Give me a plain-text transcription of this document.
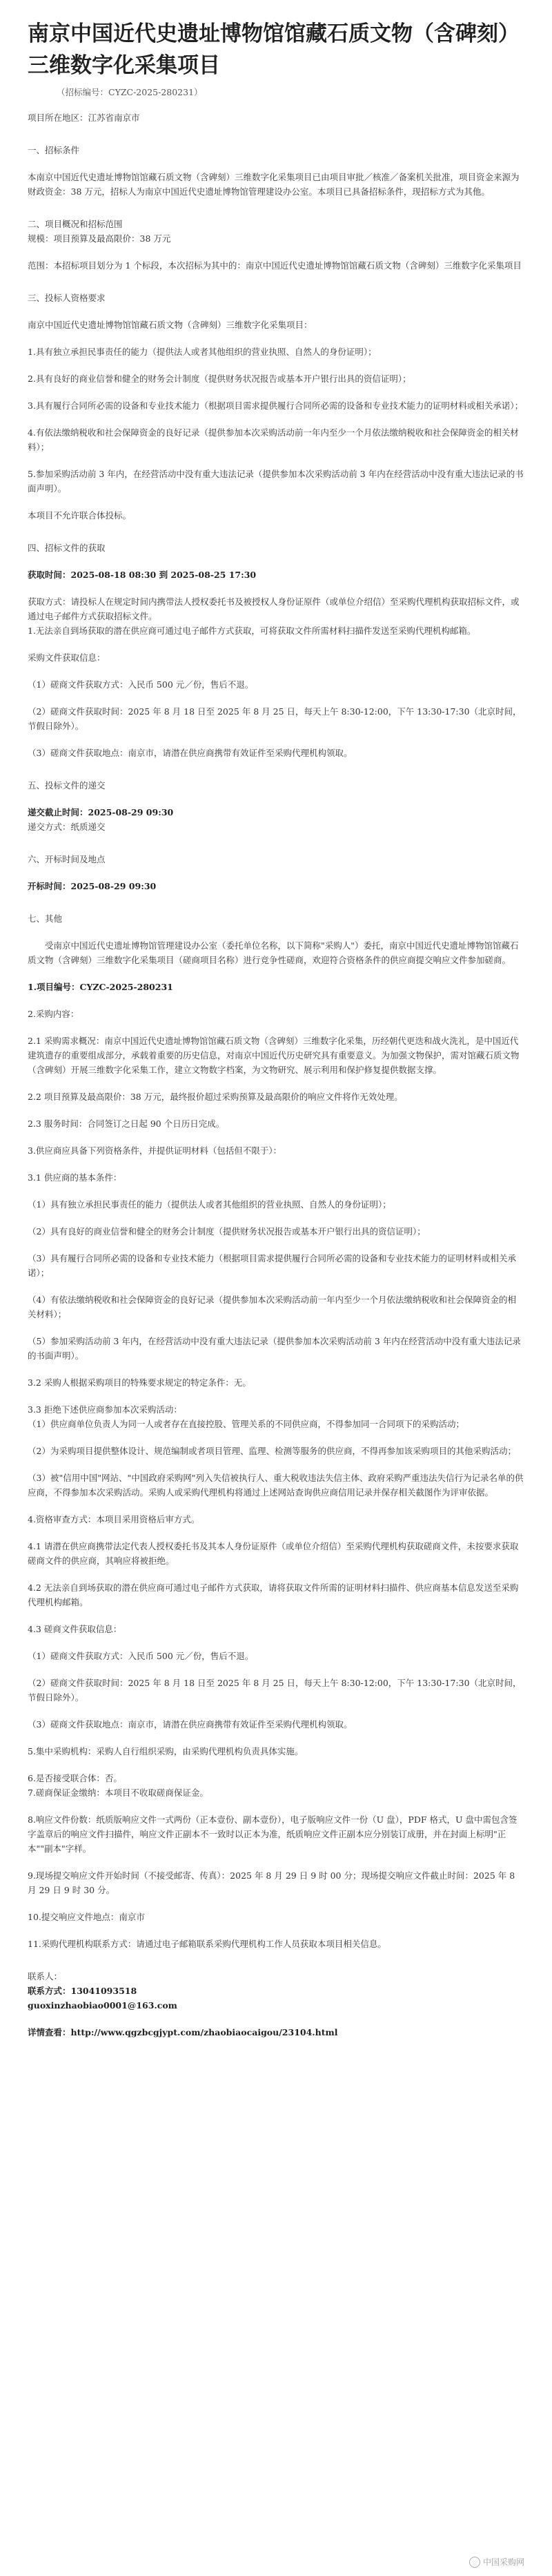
南京中国近代史遗址博物馆馆藏石质文物（含碑刻）三维数字化采集项目
（招标编号：CYZC-2025-280231）

项目所在地区：江苏省南京市

一、招标条件

本南京中国近代史遗址博物馆馆藏石质文物（含碑刻）三维数字化采集项目已由项目审批／核准／备案机关批准，项目资金来源为财政资金：38 万元，招标人为南京中国近代史遗址博物馆管理建设办公室。本项目已具备招标条件，现招标方式为其他。

二、项目概况和招标范围

规模：项目预算及最高限价：38 万元

范围：本招标项目划分为 1 个标段，本次招标为其中的：南京中国近代史遗址博物馆馆藏石质文物（含碑刻）三维数字化采集项目

三、投标人资格要求

南京中国近代史遗址博物馆馆藏石质文物（含碑刻）三维数字化采集项目：

1.具有独立承担民事责任的能力（提供法人或者其他组织的营业执照、自然人的身份证明）；

2.具有良好的商业信誉和健全的财务会计制度（提供财务状况报告或基本开户银行出具的资信证明）；

3.具有履行合同所必需的设备和专业技术能力（根据项目需求提供履行合同所必需的设备和专业技术能力的证明材料或相关承诺）；

4.有依法缴纳税收和社会保障资金的良好记录（提供参加本次采购活动前一年内至少一个月依法缴纳税收和社会保障资金的相关材料）；

5.参加采购活动前 3 年内，在经营活动中没有重大违法记录（提供参加本次采购活动前 3 年内在经营活动中没有重大违法记录的书面声明）。

本项目不允许联合体投标。

四、招标文件的获取

获取时间：2025-08-18 08:30 到 2025-08-25 17:30

获取方式：请投标人在规定时间内携带法人授权委托书及被授权人身份证原件（或单位介绍信）至采购代理机构获取招标文件，或通过电子邮件方式获取招标文件。

1.无法亲自到场获取的潜在供应商可通过电子邮件方式获取，可将获取文件所需材料扫描件发送至采购代理机构邮箱。

采购文件获取信息：

（1）磋商文件获取方式：入民币 500 元／份，售后不退。

（2）磋商文件获取时间：2025 年 8 月 18 日至 2025 年 8 月 25 日，每天上午 8:30-12:00，下午 13:30-17:30（北京时间，节假日除外）。

（3）磋商文件获取地点：南京市，请潜在供应商携带有效证件至采购代理机构领取。

五、投标文件的递交

递交截止时间：2025-08-29 09:30

递交方式：纸质递交

六、开标时间及地点

开标时间：2025-08-29 09:30

七、其他

　　受南京中国近代史遗址博物馆管理建设办公室（委托单位名称，以下简称"采购人"）委托，南京中国近代史遗址博物馆馆藏石质文物（含碑刻）三维数字化采集项目（磋商项目名称）进行竞争性磋商，欢迎符合资格条件的供应商提交响应文件参加磋商。

1.项目编号：CYZC-2025-280231

2.采购内容：

2.1 采购需求概况：南京中国近代史遗址博物馆馆藏石质文物（含碑刻）三维数字化采集，历经朝代更迭和战火洗礼，是中国近代建筑遗存的重要组成部分，承载着重要的历史信息，对南京中国近代历史研究具有重要意义。为加强文物保护，需对馆藏石质文物（含碑刻）开展三维数字化采集工作，建立文物数字档案，为文物研究、展示利用和保护修复提供数据支撑。

2.2 项目预算及最高限价：38 万元，最终报价超过采购预算及最高限价的响应文件将作无效处理。

2.3 服务时间：合同签订之日起 90 个日历日完成。

3.供应商应具备下列资格条件，并提供证明材料（包括但不限于）：

3.1 供应商的基本条件：

（1）具有独立承担民事责任的能力（提供法人或者其他组织的营业执照、自然人的身份证明）；

（2）具有良好的商业信誉和健全的财务会计制度（提供财务状况报告或基本开户银行出具的资信证明）；

（3）具有履行合同所必需的设备和专业技术能力（根据项目需求提供履行合同所必需的设备和专业技术能力的证明材料或相关承诺）；

（4）有依法缴纳税收和社会保障资金的良好记录（提供参加本次采购活动前一年内至少一个月依法缴纳税收和社会保障资金的相关材料）；

（5）参加采购活动前 3 年内，在经营活动中没有重大违法记录（提供参加本次采购活动前 3 年内在经营活动中没有重大违法记录的书面声明）。

3.2 采购人根据采购项目的特殊要求规定的特定条件：无。

3.3 拒绝下述供应商参加本次采购活动：

（1）供应商单位负责人为同一人或者存在直接控股、管理关系的不同供应商，不得参加同一合同项下的采购活动；

（2）为采购项目提供整体设计、规范编制或者项目管理、监理、检测等服务的供应商，不得再参加该采购项目的其他采购活动；

（3）被"信用中国"网站、"中国政府采购网"列入失信被执行人、重大税收违法失信主体、政府采购严重违法失信行为记录名单的供应商，不得参加本次采购活动。采购人或采购代理机构将通过上述网站查询供应商信用记录并保存相关截图作为评审依据。

4.资格审查方式：本项目采用资格后审方式。

4.1 请潜在供应商携带法定代表人授权委托书及其本人身份证原件（或单位介绍信）至采购代理机构获取磋商文件，未按要求获取磋商文件的供应商，其响应将被拒绝。

4.2 无法亲自到场获取的潜在供应商可通过电子邮件方式获取，请将获取文件所需的证明材料扫描件、供应商基本信息发送至采购代理机构邮箱。

4.3 磋商文件获取信息：

（1）磋商文件获取方式：入民币 500 元／份，售后不退。

（2）磋商文件获取时间：2025 年 8 月 18 日至 2025 年 8 月 25 日，每天上午 8:30-12:00，下午 13:30-17:30（北京时间，节假日除外）。

（3）磋商文件获取地点：南京市，请潜在供应商携带有效证件至采购代理机构领取。

5.集中采购机构：采购人自行组织采购，由采购代理机构负责具体实施。

6.是否接受联合体：否。

7.磋商保证金缴纳：本项目不收取磋商保证金。

8.响应文件份数：纸质版响应文件一式两份（正本壹份、副本壹份），电子版响应文件一份（U 盘），PDF 格式，U 盘中需包含签字盖章后的响应文件扫描件，响应文件正副本不一致时以正本为准，纸质响应文件正副本应分别装订成册，并在封面上标明"正本""副本"字样。

9.现场提交响应文件开始时间（不接受邮寄、传真）：2025 年 8 月 29 日 9 时 00 分；现场提交响应文件截止时间：2025 年 8 月 29 日 9 时 30 分。

10.提交响应文件地点：南京市

11.采购代理机构联系方式：请通过电子邮箱联系采购代理机构工作人员获取本项目相关信息。

联系人：

联系方式：13041093518

guoxinzhaobiao0001@163.com

详情查看：http://www.qgzbcgjypt.com/zhaobiaocaigou/23104.html

中国采购网
